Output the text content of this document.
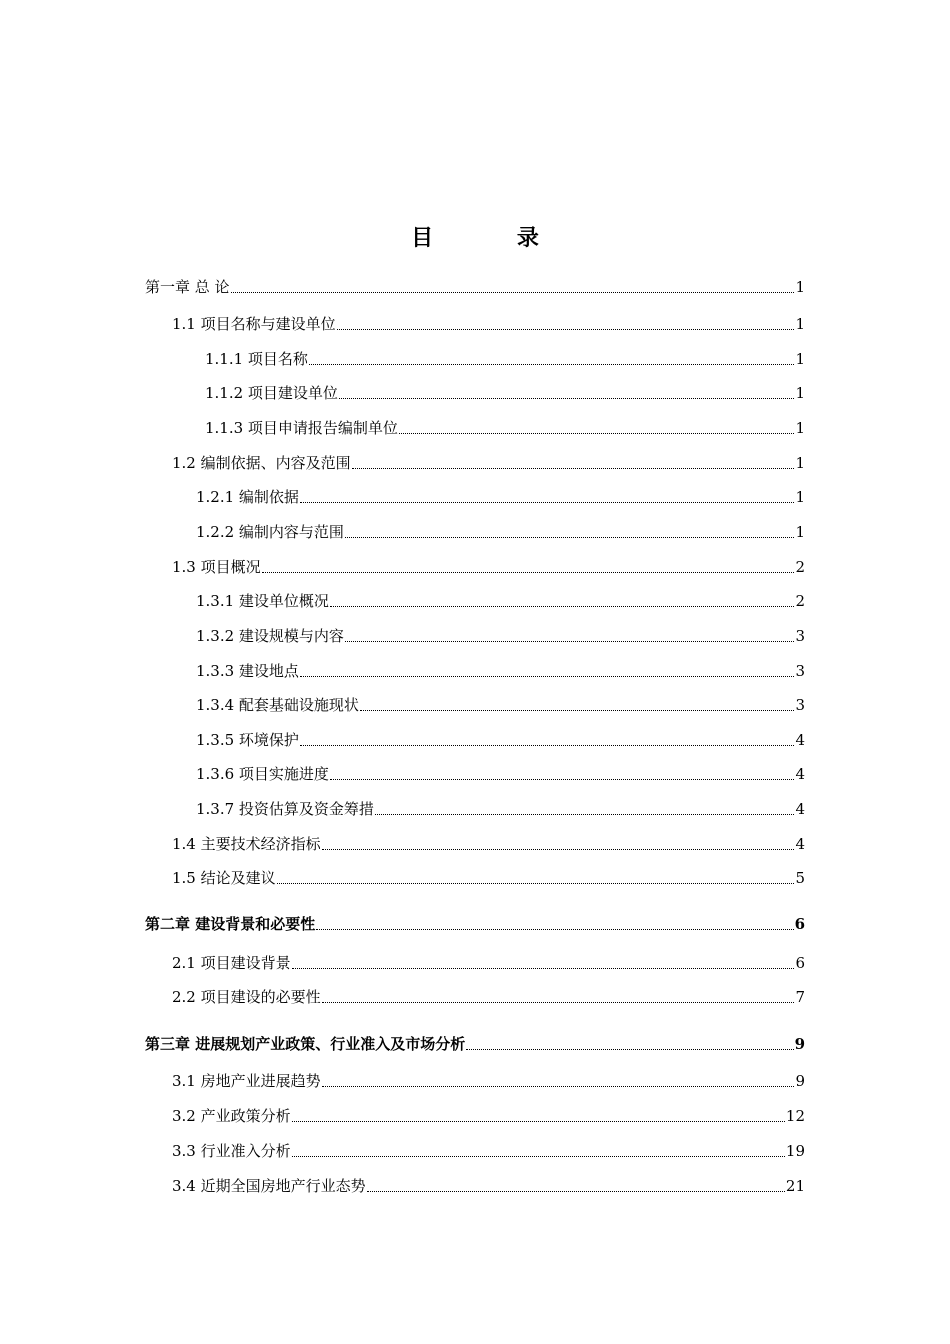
目 录
第一章 总 论	1
1.1 项目名称与建设单位	1
1.1.1 项目名称	1
1.1.2 项目建设单位	1
1.1.3 项目申请报告编制单位	1
1.2 编制依据、内容及范围	1
1.2.1 编制依据	1
1.2.2 编制内容与范围	1
1.3 项目概况	2
1.3.1 建设单位概况	2
1.3.2 建设规模与内容	3
1.3.3 建设地点	3
1.3.4 配套基础设施现状	3
1.3.5 环境保护	4
1.3.6 项目实施进度	4
1.3.7 投资估算及资金筹措	4
1.4 主要技术经济指标	4
1.5 结论及建议	5
第二章 建设背景和必要性	6
2.1 项目建设背景	6
2.2 项目建设的必要性	7
第三章 进展规划产业政策、行业准入及市场分析	9
3.1 房地产业进展趋势	9
3.2 产业政策分析	12
3.3 行业准入分析	19
3.4 近期全国房地产行业态势	21
